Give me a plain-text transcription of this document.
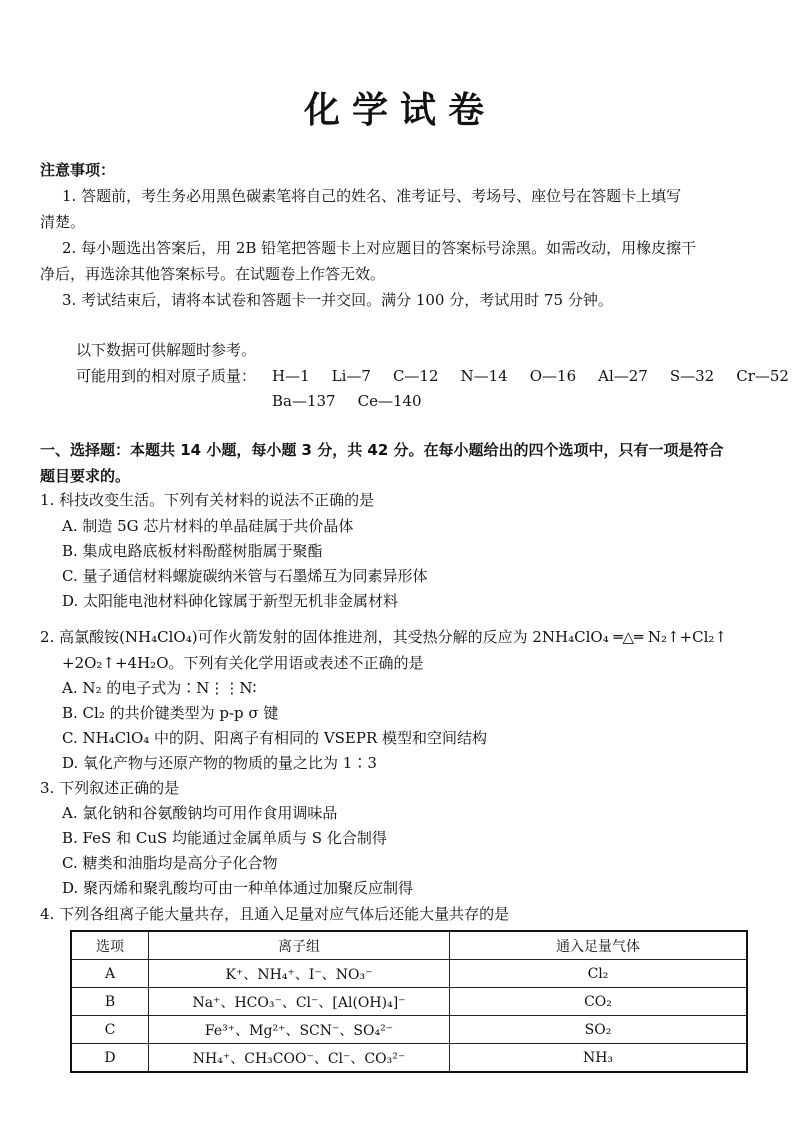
化学试卷
注意事项：
1. 答题前，考生务必用黑色碳素笔将自己的姓名、准考证号、考场号、座位号在答题卡上填写
清楚。
2. 每小题选出答案后，用 2B 铅笔把答题卡上对应题目的答案标号涂黑。如需改动，用橡皮擦干
净后，再选涂其他答案标号。在试题卷上作答无效。
3. 考试结束后，请将本试卷和答题卡一并交回。满分 100 分，考试用时 75 分钟。
以下数据可供解题时参考。
可能用到的相对原子质量： H—1 Li—7 C—12 N—14 O—16 Al—27 S—32 Cr—52
Ba—137 Ce—140
一、选择题：本题共 14 小题，每小题 3 分，共 42 分。在每小题给出的四个选项中，只有一项是符合
题目要求的。
1. 科技改变生活。下列有关材料的说法不正确的是
A. 制造 5G 芯片材料的单晶硅属于共价晶体
B. 集成电路底板材料酚醛树脂属于聚酯
C. 量子通信材料螺旋碳纳米管与石墨烯互为同素异形体
D. 太阳能电池材料砷化镓属于新型无机非金属材料
2. 高氯酸铵(NH₄ClO₄)可作火箭发射的固体推进剂，其受热分解的反应为 2NH₄ClO₄ ═△═ N₂↑+Cl₂↑
+2O₂↑+4H₂O。下列有关化学用语或表述不正确的是
A. N₂ 的电子式为∶N⋮⋮N∶
B. Cl₂ 的共价键类型为 p-p σ 键
C. NH₄ClO₄ 中的阴、阳离子有相同的 VSEPR 模型和空间结构
D. 氧化产物与还原产物的物质的量之比为 1∶3
3. 下列叙述正确的是
A. 氯化钠和谷氨酸钠均可用作食用调味品
B. FeS 和 CuS 均能通过金属单质与 S 化合制得
C. 糖类和油脂均是高分子化合物
D. 聚丙烯和聚乳酸均可由一种单体通过加聚反应制得
4. 下列各组离子能大量共存，且通入足量对应气体后还能大量共存的是
选项	离子组	通入足量气体
A	K⁺、NH₄⁺、I⁻、NO₃⁻	Cl₂
B	Na⁺、HCO₃⁻、Cl⁻、[Al(OH)₄]⁻	CO₂
C	Fe³⁺、Mg²⁺、SCN⁻、SO₄²⁻	SO₂
D	NH₄⁺、CH₃COO⁻、Cl⁻、CO₃²⁻	NH₃
